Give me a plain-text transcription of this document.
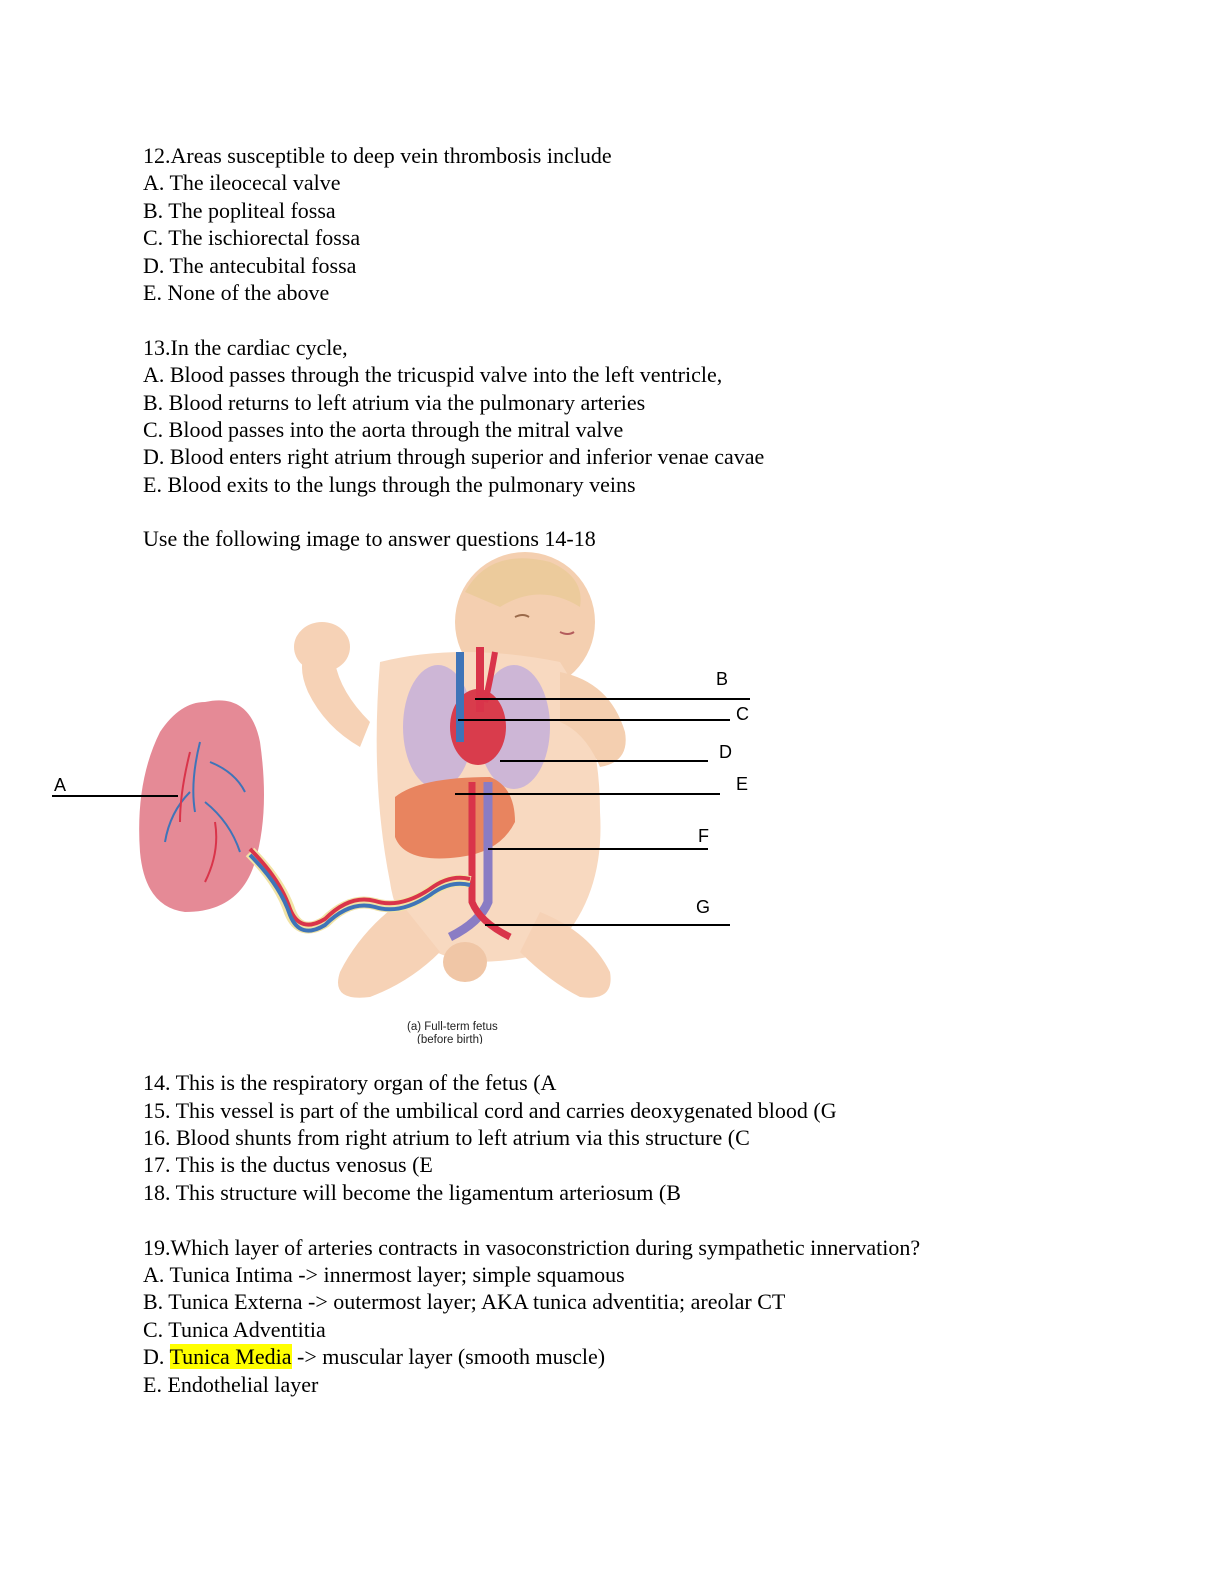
12.Areas susceptible to deep vein thrombosis include
A. The ileocecal valve
B. The popliteal fossa
C. The ischiorectal fossa
D. The antecubital fossa
E. None of the above
13.In the cardiac cycle,
A. Blood passes through the tricuspid valve into the left ventricle,
B. Blood returns to left atrium via the pulmonary arteries
C. Blood passes into the aorta through the mitral valve
D. Blood enters right atrium through superior and inferior venae cavae
E. Blood exits to the lungs through the pulmonary veins
Use the following image to answer questions 14-18
A
B
C
D
E
F
G
(a) Full-term fetus
(before birth)
14. This is the respiratory organ of the fetus (A
15. This vessel is part of the umbilical cord and carries deoxygenated blood (G
16. Blood shunts from right atrium to left atrium via this structure (C
17. This is the ductus venosus (E
18. This structure will become the ligamentum arteriosum (B
19.Which layer of arteries contracts in vasoconstriction during sympathetic innervation?
A. Tunica Intima -> innermost layer; simple squamous
B. Tunica Externa -> outermost layer; AKA tunica adventitia; areolar CT
C. Tunica Adventitia
D. Tunica Media -> muscular layer (smooth muscle)
E. Endothelial layer
